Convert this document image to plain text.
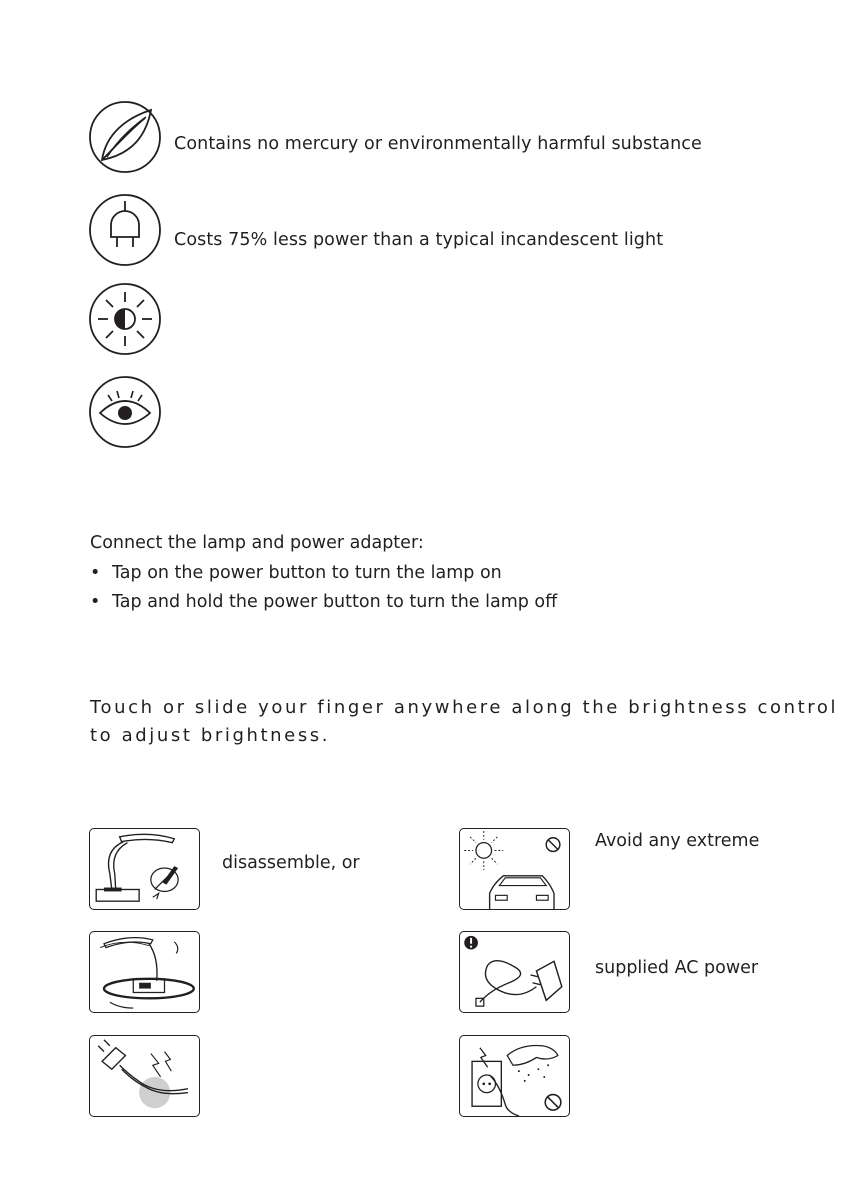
Contains no mercury or environmentally harmful substance
Costs 75% less power than a typical incandescent light
Connect the lamp and power adapter:
• Tap on the power button to turn the lamp on
• Tap and hold the power button to turn the lamp off
Touch or slide your finger anywhere along the brightness control
to adjust brightness.
disassemble, or
Avoid any extreme
supplied AC power
